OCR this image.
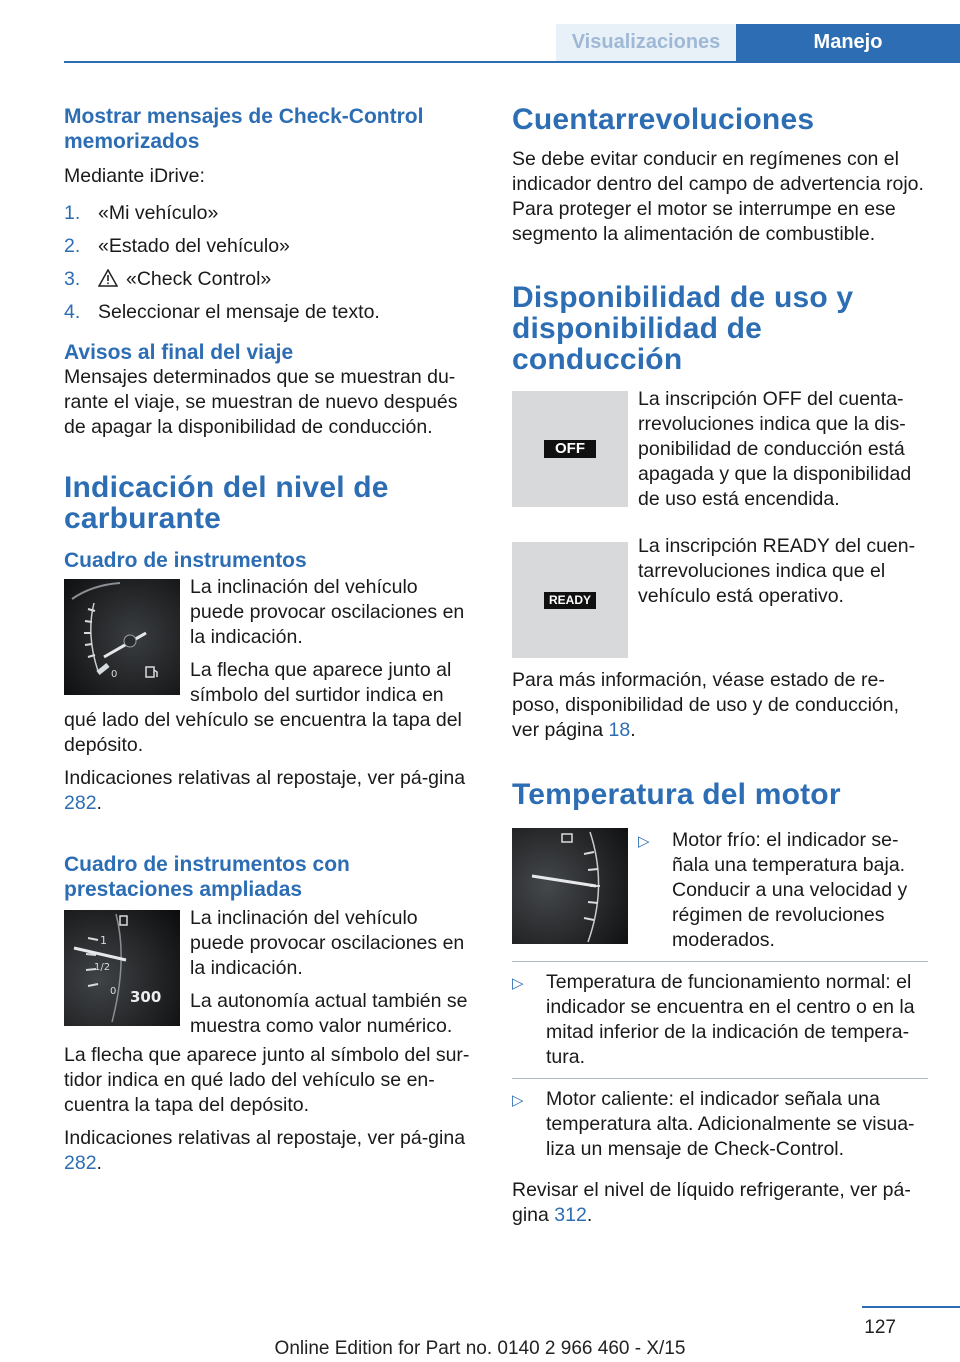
Visualizaciones	Manejo
Mostrar mensajes de Check-Control memorizados
Mediante iDrive:
1. «Mi vehículo»
2. «Estado del vehículo»
3. «Check Control»
4. Seleccionar el mensaje de texto.
Avisos al final del viaje
Mensajes determinados que se muestran du-rante el viaje, se muestran de nuevo después de apagar la disponibilidad de conducción.
Indicación del nivel de carburante
Cuadro de instrumentos
0
La inclinación del vehículo puede provocar oscilaciones en la indicación.
La flecha que aparece junto al símbolo del surtidor indica en qué lado del vehículo se encuentra la tapa del depósito.
Indicaciones relativas al repostaje, ver pá-gina 282.
Cuadro de instrumentos con prestaciones ampliadas
1
1/2
0 300
La inclinación del vehículo puede provocar oscilaciones en la indicación.
La autonomía actual también se muestra como valor numérico.
La flecha que aparece junto al símbolo del sur-tidor indica en qué lado del vehículo se en-cuentra la tapa del depósito.
Indicaciones relativas al repostaje, ver pá-gina 282.
Cuentarrevoluciones
Se debe evitar conducir en regímenes con el indicador dentro del campo de advertencia rojo. Para proteger el motor se interrumpe en ese segmento la alimentación de combustible.
Disponibilidad de uso y disponibilidad de conducción
OFF
La inscripción OFF del cuenta-rrevoluciones indica que la dis-ponibilidad de conducción está apagada y que la disponibilidad de uso está encendida.
READY
La inscripción READY del cuen-tarrevoluciones indica que el vehículo está operativo.
Para más información, véase estado de re-poso, disponibilidad de uso y de conducción, ver página 18.
Temperatura del motor
▷ Motor frío: el indicador se-ñala una temperatura baja. Conducir a una velocidad y régimen de revoluciones moderados.
▷ Temperatura de funcionamiento normal: el indicador se encuentra en el centro o en la mitad inferior de la indicación de tempera-tura.
▷ Motor caliente: el indicador señala una temperatura alta. Adicionalmente se visua-liza un mensaje de Check-Control.
Revisar el nivel de líquido refrigerante, ver pá-gina 312.
127
Online Edition for Part no. 0140 2 966 460 - X/15
